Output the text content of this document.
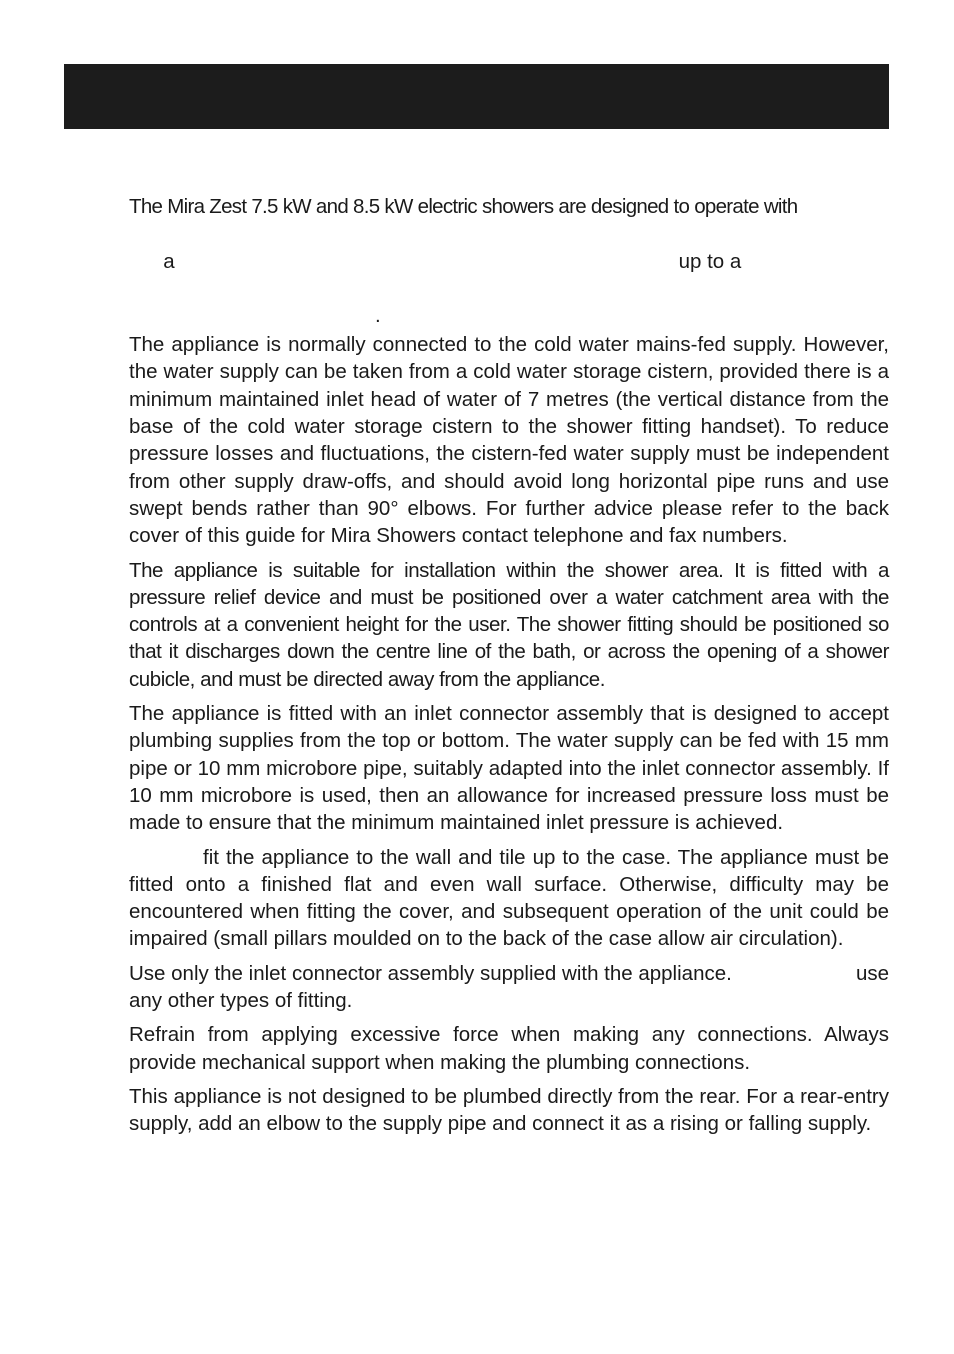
The Mira Zest 7.5 kW and 8.5 kW electric showers are designed to operate with

a	up to a

.

The appliance is normally connected to the cold water mains-fed supply. However, the water supply can be taken from a cold water storage cistern, provided there is a minimum maintained inlet head of water of 7 metres (the vertical distance from the base of the cold water storage cistern to the shower fitting handset). To reduce pressure losses and fluctuations, the cistern-fed water supply must be independent from other supply draw-offs, and should avoid long horizontal pipe runs and use swept bends rather than 90° elbows. For further advice please refer to the back cover of this guide for Mira Showers contact telephone and fax numbers.

The appliance is suitable for installation within the shower area. It is fitted with a pressure relief device and must be positioned over a water catchment area with the controls at a convenient height for the user. The shower fitting should be positioned so that it discharges down the centre line of the bath, or across the opening of a shower cubicle, and must be directed away from the appliance.

The appliance is fitted with an inlet connector assembly that is designed to accept plumbing supplies from the top or bottom. The water supply can be fed with 15 mm pipe or 10 mm microbore pipe, suitably adapted into the inlet connector assembly. If 10 mm microbore is used, then an allowance for increased pressure loss must be made to ensure that the minimum maintained inlet pressure is achieved.

fit the appliance to the wall and tile up to the case. The appliance must be fitted onto a finished flat and even wall surface. Otherwise, difficulty may be encountered when fitting the cover, and subsequent operation of the unit could be impaired (small pillars moulded on to the back of the case allow air circulation).

Use only the inlet connector assembly supplied with the appliance.	use
any other types of fitting.

Refrain from applying excessive force when making any connections. Always provide mechanical support when making the plumbing connections.

This appliance is not designed to be plumbed directly from the rear. For a rear-entry supply, add an elbow to the supply pipe and connect it as a rising or falling supply.
